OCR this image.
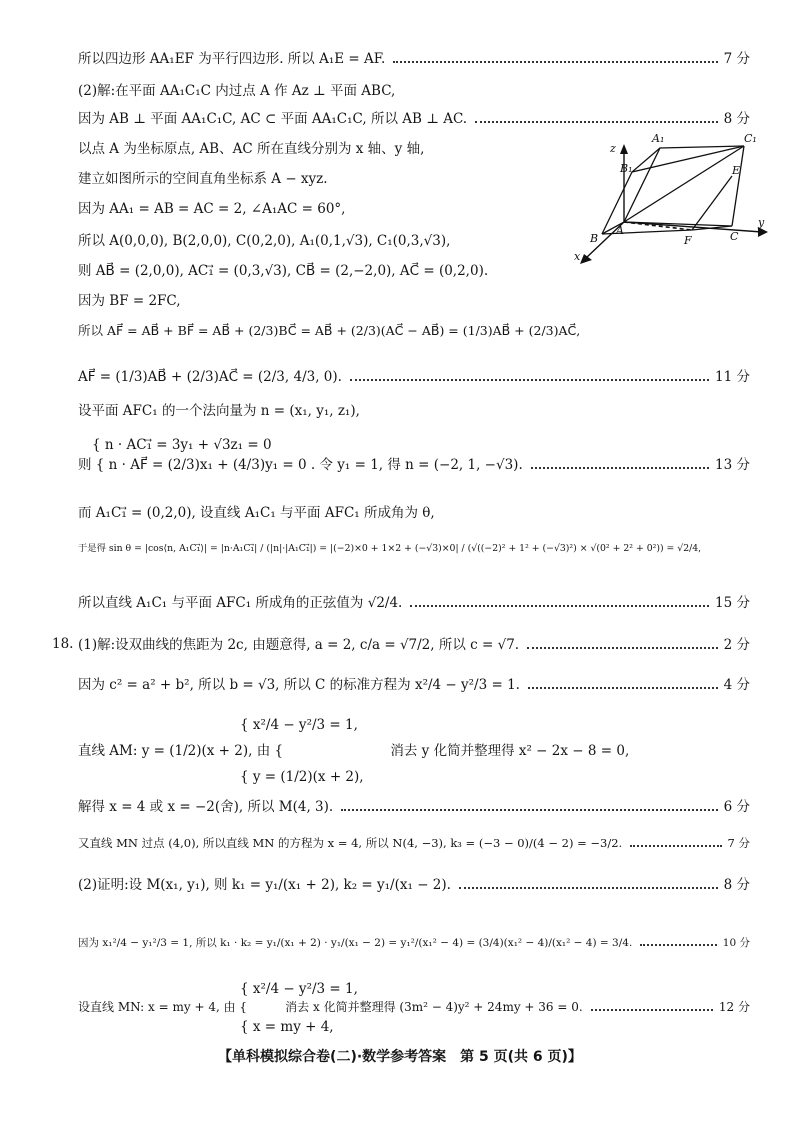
所以四边形 AA₁EF 为平行四边形. 所以 A₁E = AF.	7 分
(2)解:在平面 AA₁C₁C 内过点 A 作 Az ⊥ 平面 ABC,
因为 AB ⊥ 平面 AA₁C₁C, AC ⊂ 平面 AA₁C₁C, 所以 AB ⊥ AC.	8 分
以点 A 为坐标原点, AB、AC 所在直线分别为 x 轴、y 轴,
建立如图所示的空间直角坐标系 A − xyz.
因为 AA₁ = AB = AC = 2, ∠A₁AC = 60°,
所以 A(0,0,0), B(2,0,0), C(0,2,0), A₁(0,1,√3), C₁(0,3,√3),
则 AB⃗ = (2,0,0), AC₁⃗ = (0,3,√3), CB⃗ = (2,−2,0), AC⃗ = (0,2,0).
因为 BF = 2FC,
所以 AF⃗ = AB⃗ + BF⃗ = AB⃗ + (2/3)BC⃗ = AB⃗ + (2/3)(AC⃗ − AB⃗) = (1/3)AB⃗ + (2/3)AC⃗,
AF⃗ = (1/3)AB⃗ + (2/3)AC⃗ = (2/3, 4/3, 0).	11 分
设平面 AFC₁ 的一个法向量为 n = (x₁, y₁, z₁),
{ n · AC₁⃗ = 3y₁ + √3z₁ = 0
则 { n · AF⃗ = (2/3)x₁ + (4/3)y₁ = 0 . 令 y₁ = 1, 得 n = (−2, 1, −√3).	13 分
而 A₁C₁⃗ = (0,2,0), 设直线 A₁C₁ 与平面 AFC₁ 所成角为 θ,
于是得 sin θ = |cos⟨n, A₁C₁⃗⟩| = |n·A₁C₁⃗| / (|n|·|A₁C₁⃗|) = |(−2)×0 + 1×2 + (−√3)×0| / (√((−2)² + 1² + (−√3)²) × √(0² + 2² + 0²)) = √2/4,
所以直线 A₁C₁ 与平面 AFC₁ 所成角的正弦值为 √2/4.	15 分
18. (1)解:设双曲线的焦距为 2c, 由题意得, a = 2, c/a = √7/2, 所以 c = √7.	2 分
因为 c² = a² + b², 所以 b = √3, 所以 C 的标准方程为 x²/4 − y²/3 = 1.	4 分
{ x²/4 − y²/3 = 1,
直线 AM: y = (1/2)(x + 2), 由 {                         消去 y 化简并整理得 x² − 2x − 8 = 0,
{ y = (1/2)(x + 2),
解得 x = 4 或 x = −2(舍), 所以 M(4, 3).	6 分
又直线 MN 过点 (4,0), 所以直线 MN 的方程为 x = 4, 所以 N(4, −3), k₃ = (−3 − 0)/(4 − 2) = −3/2.	7 分
(2)证明:设 M(x₁, y₁), 则 k₁ = y₁/(x₁ + 2), k₂ = y₁/(x₁ − 2).	8 分
因为 x₁²/4 − y₁²/3 = 1, 所以 k₁ · k₂ = y₁/(x₁ + 2) · y₁/(x₁ − 2) = y₁²/(x₁² − 4) = (3/4)(x₁² − 4)/(x₁² − 4) = 3/4.	10 分
{ x²/4 − y²/3 = 1,
设直线 MN: x = my + 4, 由 {          消去 x 化简并整理得 (3m² − 4)y² + 24my + 36 = 0.	12 分
{ x = my + 4,
z
A₁	C₁
B₁	E
A
F	C
y
B
x
【单科模拟综合卷(二)·数学参考答案　第 5 页(共 6 页)】
